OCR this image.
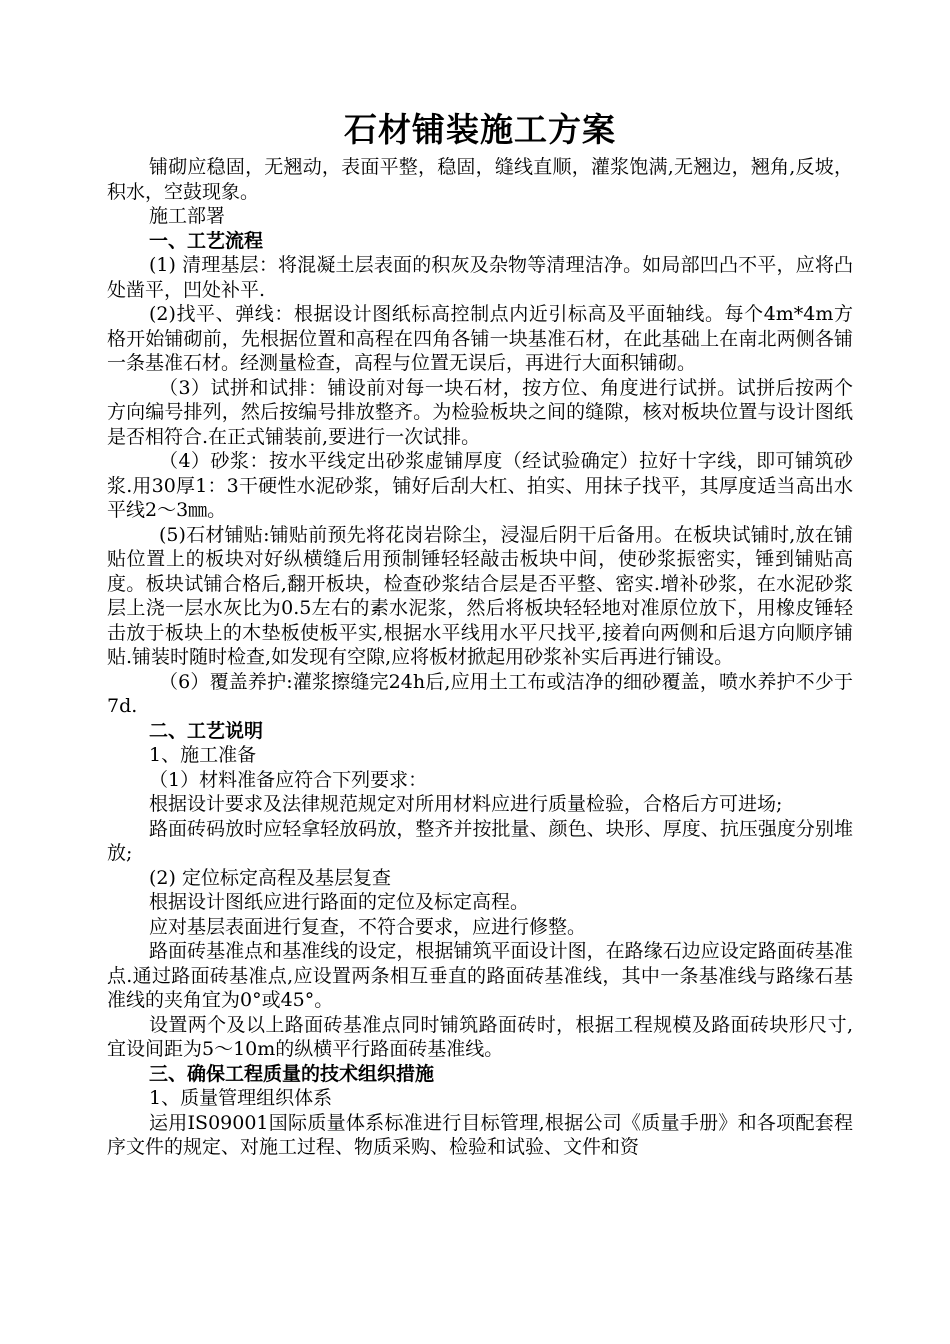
石材铺装施工方案

铺砌应稳固，无翘动，表面平整，稳固，缝线直顺，灌浆饱满,无翘边，翘角,反坡，积水，空鼓现象。

施工部署

一、工艺流程

(1) 清理基层：将混凝土层表面的积灰及杂物等清理洁净。如局部凹凸不平，应将凸处凿平，凹处补平.

(2)找平、弹线：根据设计图纸标高控制点内近引标高及平面轴线。每个4m*4m方格开始铺砌前，先根据位置和高程在四角各铺一块基准石材，在此基础上在南北两侧各铺一条基准石材。经测量检查，高程与位置无误后，再进行大面积铺砌。

（3）试拼和试排：铺设前对每一块石材，按方位、角度进行试拼。试拼后按两个方向编号排列，然后按编号排放整齐。为检验板块之间的缝隙，核对板块位置与设计图纸是否相符合.在正式铺装前,要进行一次试排。

（4）砂浆：按水平线定出砂浆虚铺厚度（经试验确定）拉好十字线，即可铺筑砂浆.用30厚1：3干硬性水泥砂浆，铺好后刮大杠、拍实、用抹子找平，其厚度适当高出水平线2～3㎜。

(5)石材铺贴:铺贴前预先将花岗岩除尘，浸湿后阴干后备用。在板块试铺时,放在铺贴位置上的板块对好纵横缝后用预制锤轻轻敲击板块中间，使砂浆振密实，锤到铺贴高度。板块试铺合格后,翻开板块，检查砂浆结合层是否平整、密实.增补砂浆，在水泥砂浆层上浇一层水灰比为0.5左右的素水泥浆，然后将板块轻轻地对准原位放下，用橡皮锤轻击放于板块上的木垫板使板平实,根据水平线用水平尺找平,接着向两侧和后退方向顺序铺贴.铺装时随时检查,如发现有空隙,应将板材掀起用砂浆补实后再进行铺设。

（6）覆盖养护:灌浆擦缝完24h后,应用土工布或洁净的细砂覆盖，喷水养护不少于7d.

二、工艺说明

1、施工准备

（1）材料准备应符合下列要求：

根据设计要求及法律规范规定对所用材料应进行质量检验，合格后方可进场;

路面砖码放时应轻拿轻放码放，整齐并按批量、颜色、块形、厚度、抗压强度分别堆放;

(2) 定位标定高程及基层复查

根据设计图纸应进行路面的定位及标定高程。

应对基层表面进行复查，不符合要求，应进行修整。

路面砖基准点和基准线的设定，根据铺筑平面设计图，在路缘石边应设定路面砖基准点.通过路面砖基准点,应设置两条相互垂直的路面砖基准线，其中一条基准线与路缘石基准线的夹角宜为0°或45°。

设置两个及以上路面砖基准点同时铺筑路面砖时，根据工程规模及路面砖块形尺寸,宜设间距为5～10m的纵横平行路面砖基准线。

三、确保工程质量的技术组织措施

1、质量管理组织体系

运用IS09001国际质量体系标准进行目标管理,根据公司《质量手册》和各项配套程序文件的规定、对施工过程、物质采购、检验和试验、文件和资
